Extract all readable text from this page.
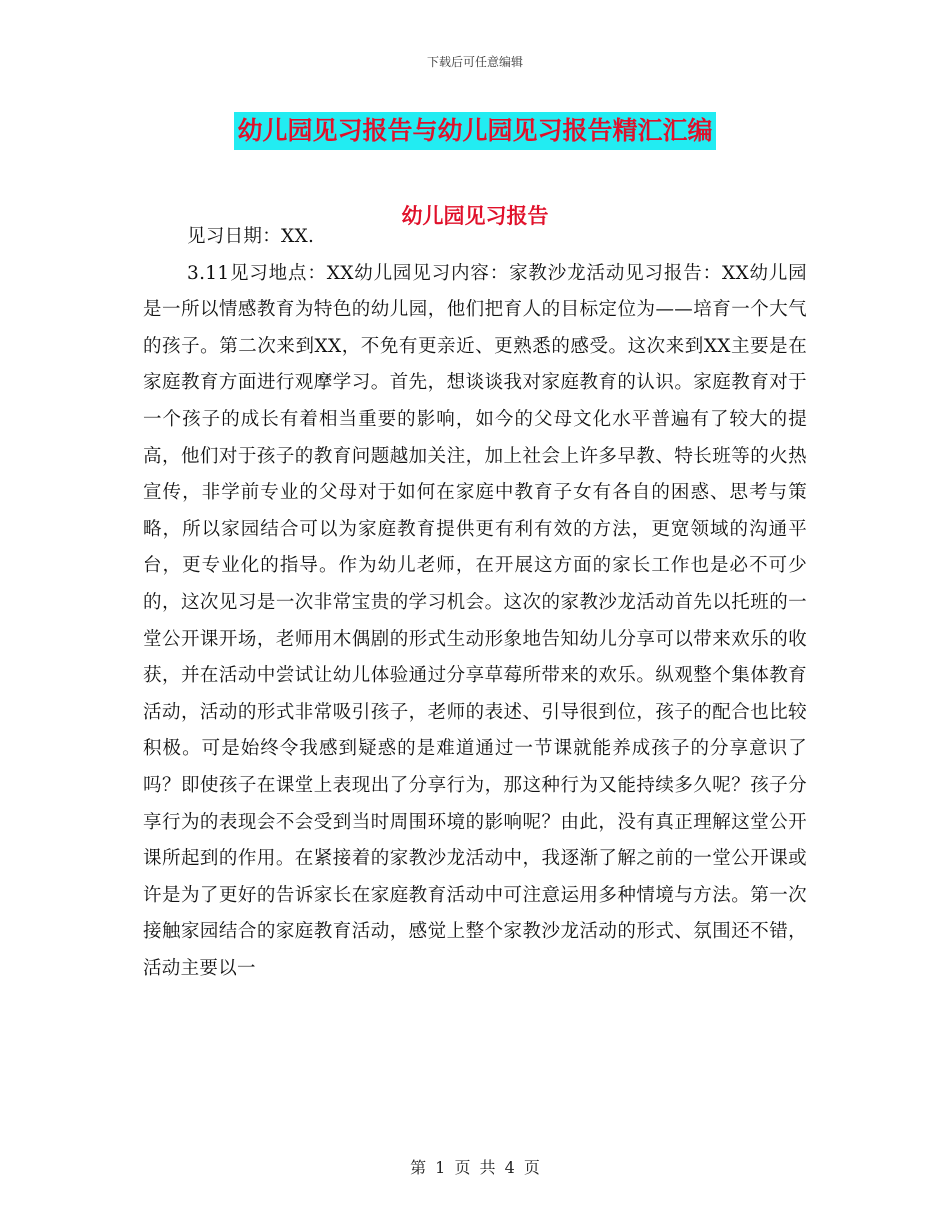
下载后可任意编辑
幼儿园见习报告与幼儿园见习报告精汇汇编
幼儿园见习报告

见习日期：XX.

3.11见习地点：XX幼儿园见习内容：家教沙龙活动见习报告：XX幼儿园是一所以情感教育为特色的幼儿园，他们把育人的目标定位为——培育一个大气的孩子。第二次来到XX，不免有更亲近、更熟悉的感受。这次来到XX主要是在家庭教育方面进行观摩学习。首先，想谈谈我对家庭教育的认识。家庭教育对于一个孩子的成长有着相当重要的影响，如今的父母文化水平普遍有了较大的提高，他们对于孩子的教育问题越加关注，加上社会上许多早教、特长班等的火热宣传，非学前专业的父母对于如何在家庭中教育子女有各自的困惑、思考与策略，所以家园结合可以为家庭教育提供更有利有效的方法，更宽领域的沟通平台，更专业化的指导。作为幼儿老师，在开展这方面的家长工作也是必不可少的，这次见习是一次非常宝贵的学习机会。这次的家教沙龙活动首先以托班的一堂公开课开场，老师用木偶剧的形式生动形象地告知幼儿分享可以带来欢乐的收获，并在活动中尝试让幼儿体验通过分享草莓所带来的欢乐。纵观整个集体教育活动，活动的形式非常吸引孩子，老师的表述、引导很到位，孩子的配合也比较积极。可是始终令我感到疑惑的是难道通过一节课就能养成孩子的分享意识了吗？即使孩子在课堂上表现出了分享行为，那这种行为又能持续多久呢？孩子分享行为的表现会不会受到当时周围环境的影响呢？由此，没有真正理解这堂公开课所起到的作用。在紧接着的家教沙龙活动中，我逐渐了解之前的一堂公开课或许是为了更好的告诉家长在家庭教育活动中可注意运用多种情境与方法。第一次接触家园结合的家庭教育活动，感觉上整个家教沙龙活动的形式、氛围还不错，活动主要以一

第 1 页 共 4 页
